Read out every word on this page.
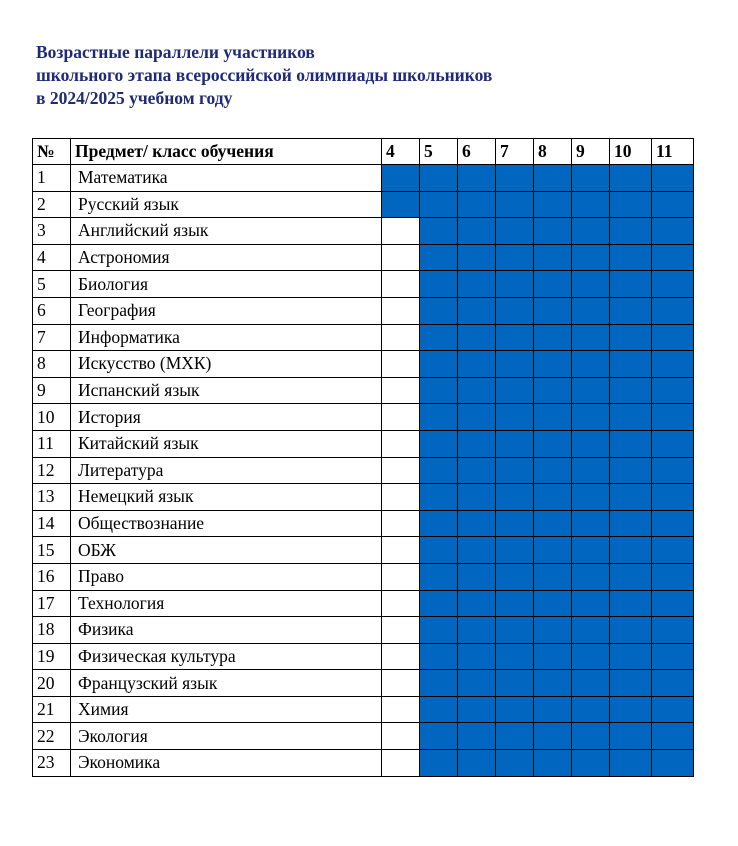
Возрастные параллели участников
школьного этапа всероссийской олимпиады школьников
в 2024/2025 учебном году
№	Предмет/ класс обучения	4	5	6	7	8	9	10	11
1	Математика								
2	Русский язык								
3	Английский язык								
4	Астрономия								
5	Биология								
6	География								
7	Информатика								
8	Искусство (МХК)								
9	Испанский язык								
10	История								
11	Китайский язык								
12	Литература								
13	Немецкий язык								
14	Обществознание								
15	ОБЖ								
16	Право								
17	Технология								
18	Физика								
19	Физическая культура								
20	Французский язык								
21	Химия								
22	Экология								
23	Экономика								
